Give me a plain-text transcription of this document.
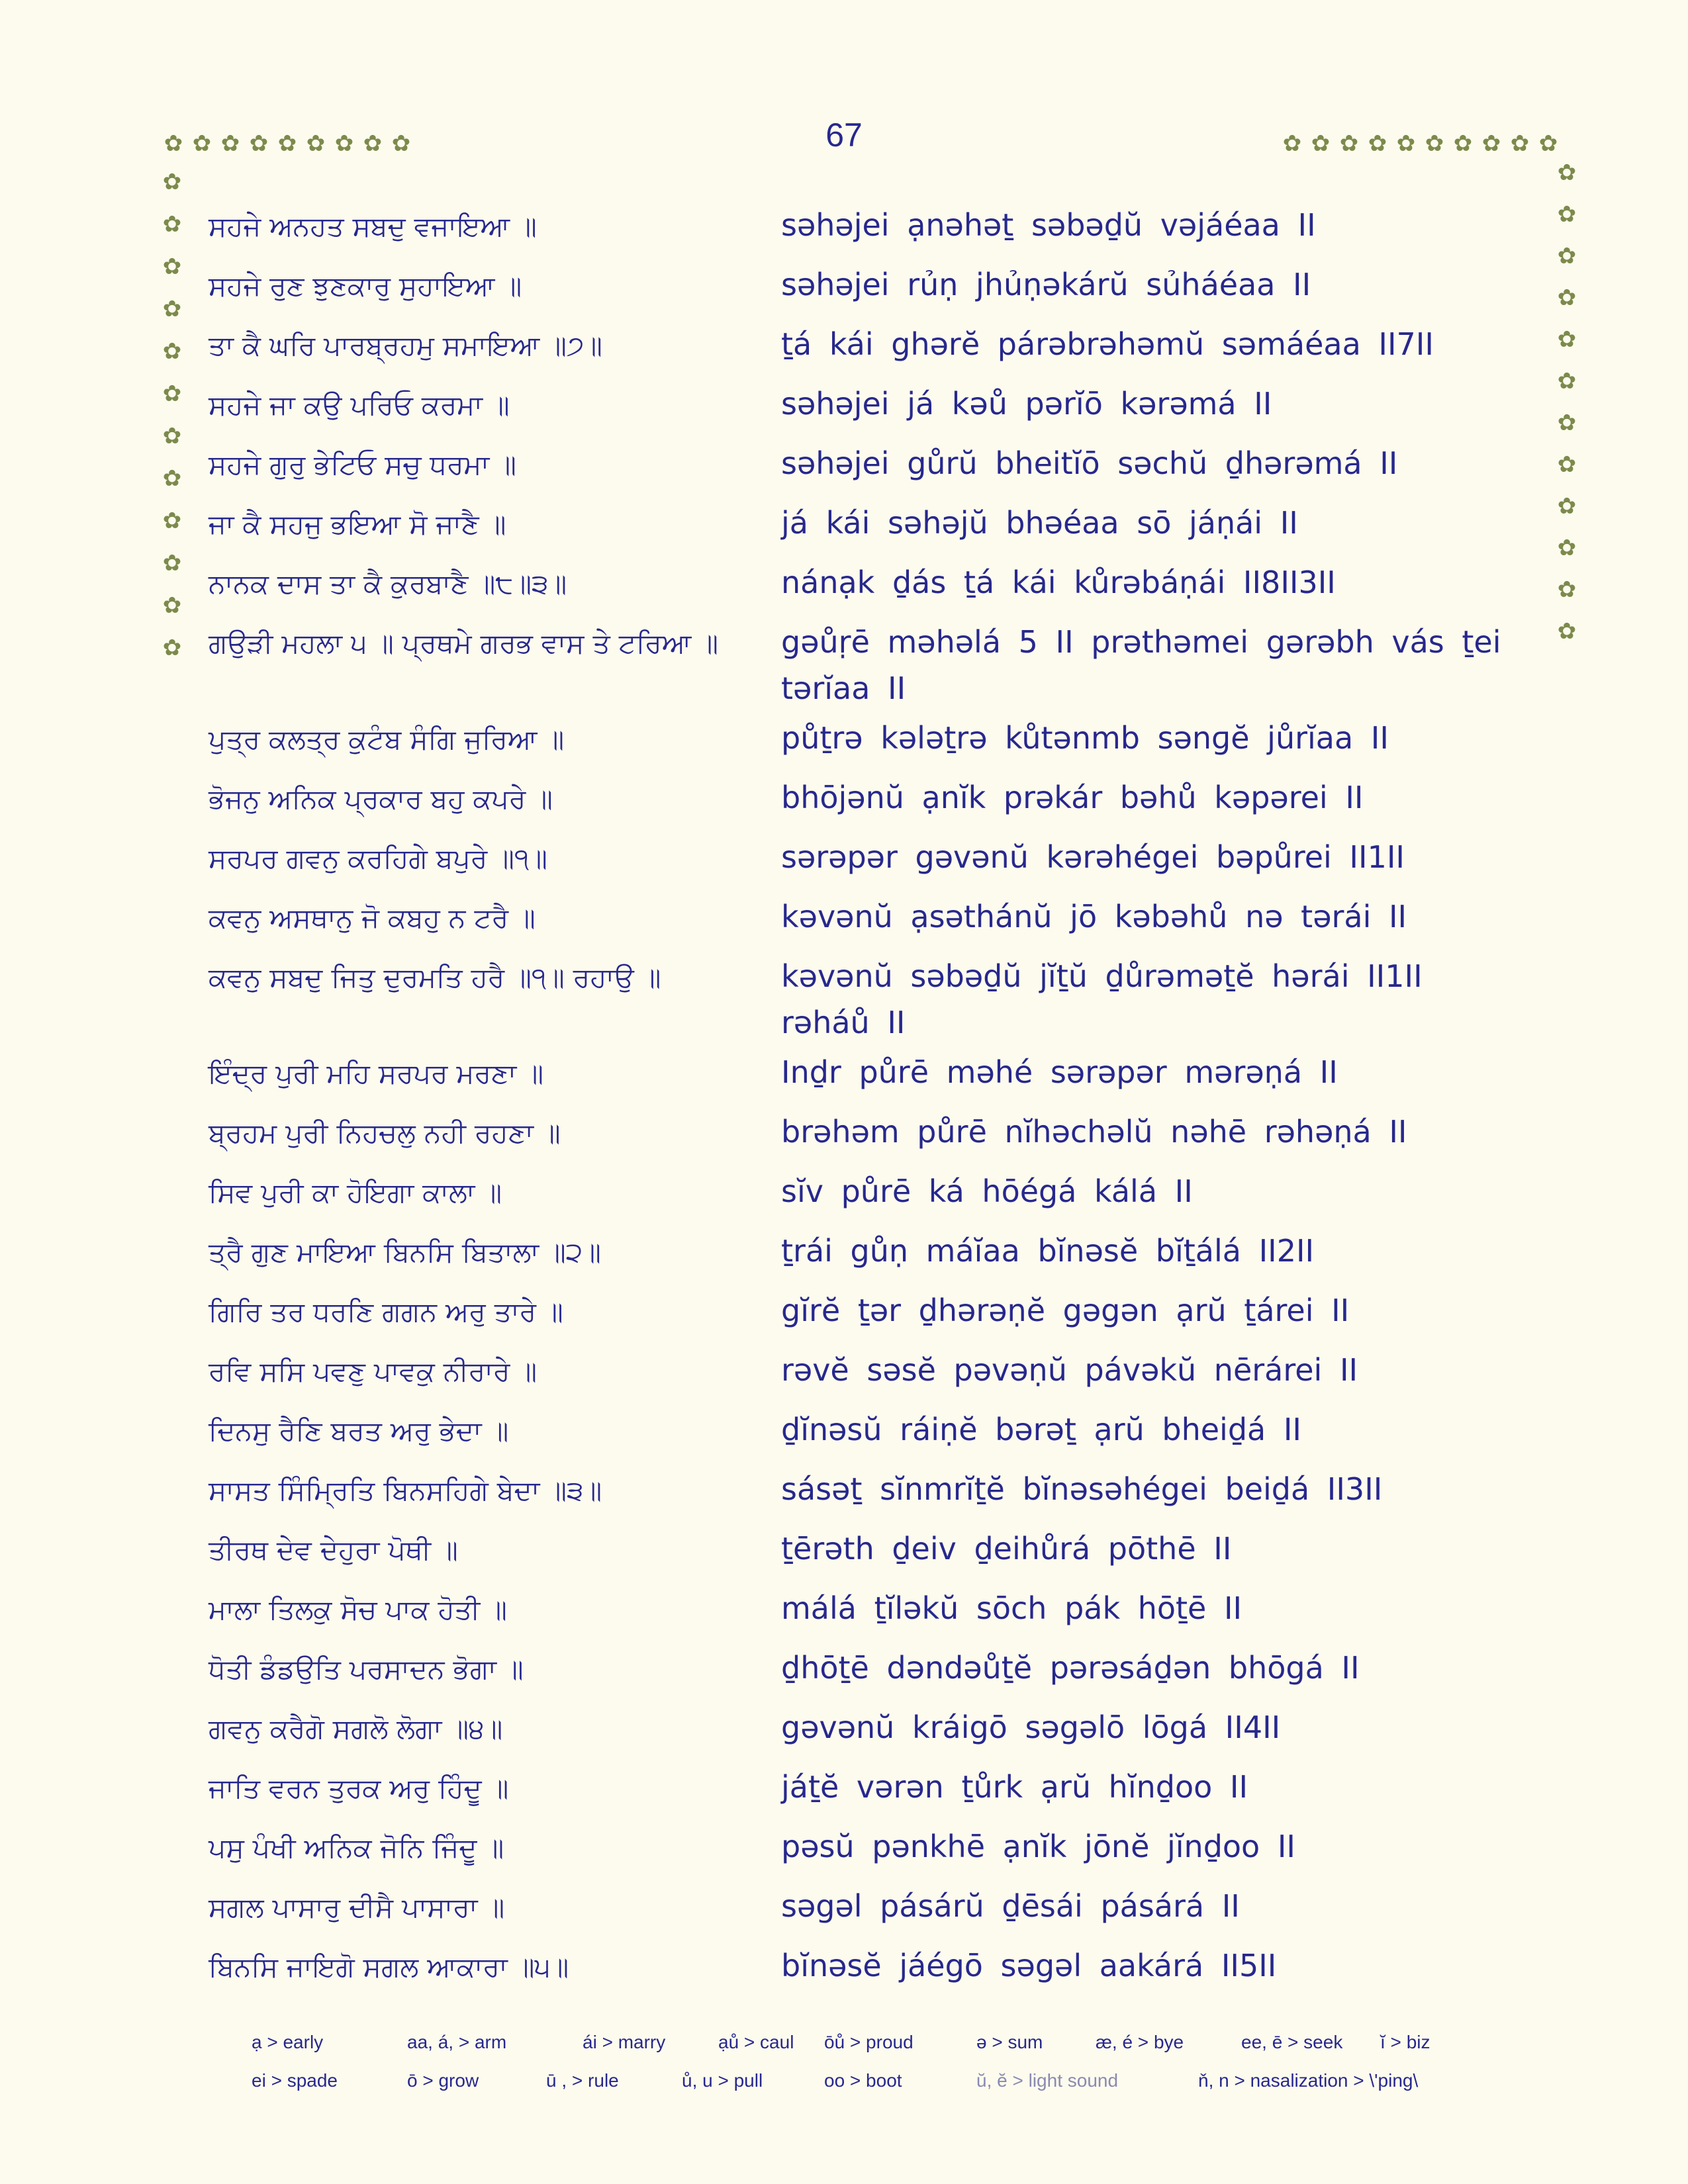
67
✿ ✿ ✿ ✿ ✿ ✿ ✿ ✿ ✿	✿ ✿ ✿ ✿ ✿ ✿ ✿ ✿ ✿ ✿
✿
✿
✿
✿
✿
✿
✿
✿
✿
✿
✿
✿
✿
✿
✿
✿
✿
✿
✿
✿
✿
✿
✿
✿
ਸਹਜੇ ਅਨਹਤ ਸਬਦੁ ਵਜਾਇਆ ॥	səhəjei ạnəhəṯ səbəḏŭ vəjáéaa II
ਸਹਜੇ ਰੁਣ ਝੁਣਕਾਰੁ ਸੁਹਾਇਆ ॥	səhəjei rủṇ jhủṇəkárŭ sủháéaa II
ਤਾ ਕੈ ਘਰਿ ਪਾਰਬ੍ਰਹਮੁ ਸਮਾਇਆ ॥੭॥	ṯá kái ghərĕ párəbrəhəmŭ səmáéaa II7II
ਸਹਜੇ ਜਾ ਕਉ ਪਰਿਓ ਕਰਮਾ ॥	səhəjei já kəů pərĭō kərəmá II
ਸਹਜੇ ਗੁਰੁ ਭੇਟਿਓ ਸਚੁ ਧਰਮਾ ॥	səhəjei gůrŭ bheitĭō səchŭ ḏhərəmá II
ਜਾ ਕੈ ਸਹਜੁ ਭਇਆ ਸੋ ਜਾਣੈ ॥	já kái səhəjŭ bhəéaa sō jáṇái II
ਨਾਨਕ ਦਾਸ ਤਾ ਕੈ ਕੁਰਬਾਣੈ ॥੮॥੩॥	nánạk ḏás ṯá kái kůrəbáṇái II8II3II
ਗਉੜੀ ਮਹਲਾ ੫ ॥ ਪ੍ਰਥਮੇ ਗਰਭ ਵਾਸ ਤੇ ਟਰਿਆ ॥	gəůṛē məhəlá 5 II prəthəmei gərəbh vás ṯei tərĭaa II
ਪੁਤ੍ਰ ਕਲਤ੍ਰ ਕੁਟੰਬ ਸੰਗਿ ਜੁਰਿਆ ॥	půṯrə kələṯrə kůtənmb sənɡĕ jůrĭaa II
ਭੋਜਨੁ ਅਨਿਕ ਪ੍ਰਕਾਰ ਬਹੁ ਕਪਰੇ ॥	bhōjənŭ ạnĭk prəkár bəhů kəpərei II
ਸਰਪਰ ਗਵਨੁ ਕਰਹਿਗੇ ਬਪੁਰੇ ॥੧॥	sərəpər gəvənŭ kərəhégei bəpůrei II1II
ਕਵਨੁ ਅਸਥਾਨੁ ਜੋ ਕਬਹੁ ਨ ਟਰੈ ॥	kəvənŭ ạsəthánŭ jō kəbəhů nə tərái II
ਕਵਨੁ ਸਬਦੁ ਜਿਤੁ ਦੁਰਮਤਿ ਹਰੈ ॥੧॥ ਰਹਾਉ ॥	kəvənŭ səbəḏŭ jĭṯŭ ḏůrəməṯĕ hərái II1II rəháů II
ਇੰਦ੍ਰ ਪੁਰੀ ਮਹਿ ਸਰਪਰ ਮਰਣਾ ॥	Inḏr půrē məhé sərəpər mərəṇá II
ਬ੍ਰਹਮ ਪੁਰੀ ਨਿਹਚਲੁ ਨਹੀ ਰਹਣਾ ॥	brəhəm půrē nĭhəchəlŭ nəhē rəhəṇá II
ਸਿਵ ਪੁਰੀ ਕਾ ਹੋਇਗਾ ਕਾਲਾ ॥	sĭv půrē ká hōégá kálá II
ਤ੍ਰੈ ਗੁਣ ਮਾਇਆ ਬਿਨਸਿ ਬਿਤਾਲਾ ॥੨॥	ṯrái gůṇ máĭaa bĭnəsĕ bĭṯálá II2II
ਗਿਰਿ ਤਰ ਧਰਣਿ ਗਗਨ ਅਰੁ ਤਾਰੇ ॥	gĭrĕ ṯər ḏhərəṇĕ gəgən ạrŭ ṯárei II
ਰਵਿ ਸਸਿ ਪਵਣੁ ਪਾਵਕੁ ਨੀਰਾਰੇ ॥	rəvĕ səsĕ pəvəṇŭ pávəkŭ nērárei II
ਦਿਨਸੁ ਰੈਣਿ ਬਰਤ ਅਰੁ ਭੇਦਾ ॥	ḏĭnəsŭ ráiṇĕ bərəṯ ạrŭ bheiḏá II
ਸਾਸਤ ਸਿੰਮ੍ਰਿਤਿ ਬਿਨਸਹਿਗੇ ਬੇਦਾ ॥੩॥	sásəṯ sĭnmrĭṯĕ bĭnəsəhégei beiḏá II3II
ਤੀਰਥ ਦੇਵ ਦੇਹੁਰਾ ਪੋਥੀ ॥	ṯērəth ḏeiv ḏeihůrá pōthē II
ਮਾਲਾ ਤਿਲਕੁ ਸੋਚ ਪਾਕ ਹੋਤੀ ॥	málá ṯĭləkŭ sōch pák hōṯē II
ਧੋਤੀ ਡੰਡਉਤਿ ਪਰਸਾਦਨ ਭੋਗਾ ॥	ḏhōṯē dəndəůṯĕ pərəsáḏən bhōgá II
ਗਵਨੁ ਕਰੈਗੋ ਸਗਲੋ ਲੋਗਾ ॥੪॥	gəvənŭ kráigō səgəlō lōgá II4II
ਜਾਤਿ ਵਰਨ ਤੁਰਕ ਅਰੁ ਹਿੰਦੂ ॥	jáṯĕ vərən ṯůrk ạrŭ hĭnḏoo II
ਪਸੁ ਪੰਖੀ ਅਨਿਕ ਜੋਨਿ ਜਿੰਦੂ ॥	pəsŭ pənkhē ạnĭk jōnĕ jĭnḏoo II
ਸਗਲ ਪਾਸਾਰੁ ਦੀਸੈ ਪਾਸਾਰਾ ॥	səgəl pásárŭ ḏēsái pásárá II
ਬਿਨਸਿ ਜਾਇਗੋ ਸਗਲ ਆਕਾਰਾ ॥੫॥	bĭnəsĕ jáégō səgəl aakárá II5II
ạ > early	aa, á, > arm	ái > marry	ạů > caul ōů > proud	ə > sum	æ, é > bye	ee, ē > seek ĭ > biz
ei > spade	ō > grow	ū , > rule	ů, u > pull	oo > boot	ŭ, ĕ > light sound	ň, n > nasalization > \'ping\
